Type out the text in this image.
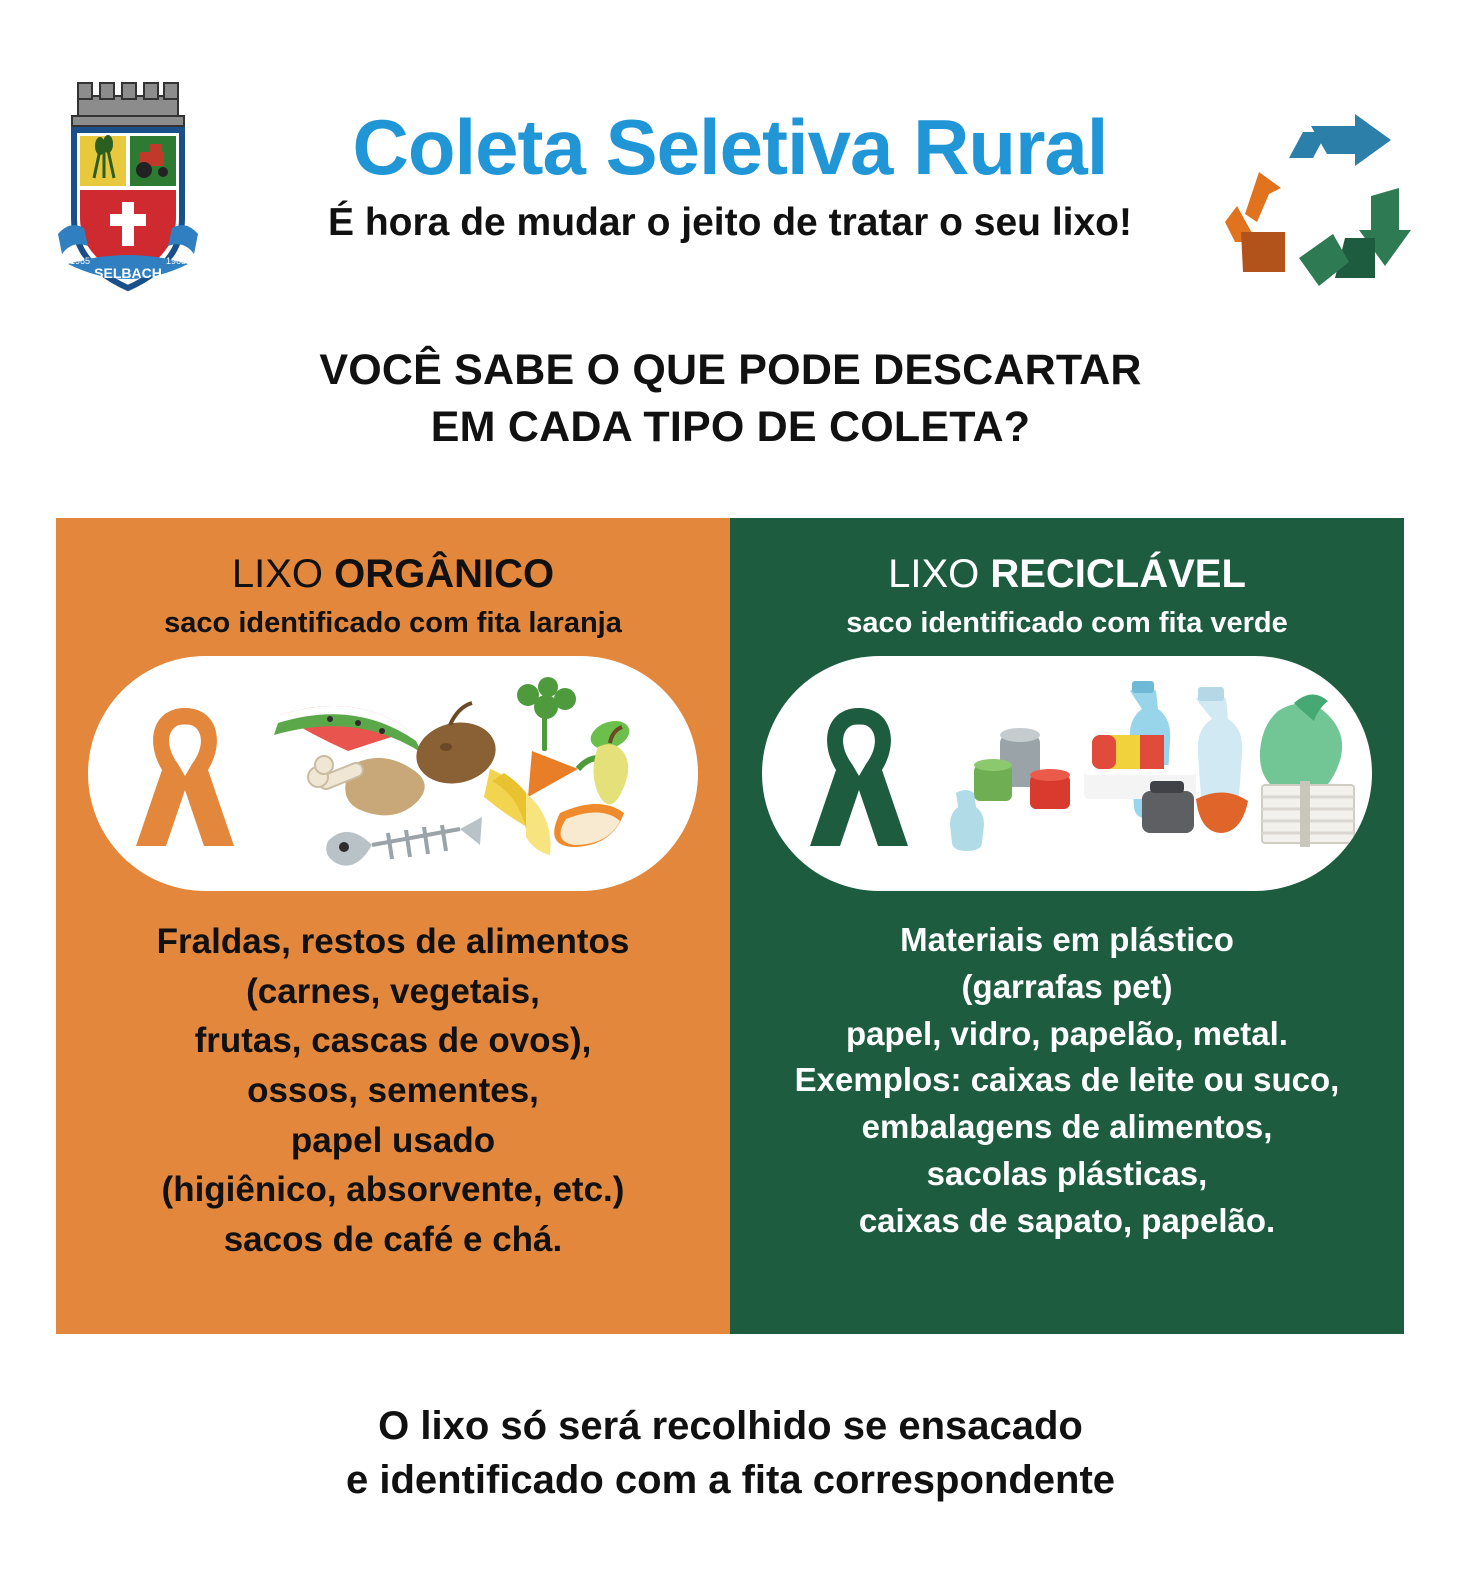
SELBACH
1965	1965
Coleta Seletiva Rural

É hora de mudar o jeito de tratar o seu lixo!

VOCÊ SABE O QUE PODE DESCARTAR
EM CADA TIPO DE COLETA?
LIXO ORGÂNICO
saco identificado com fita laranja
Fraldas, restos de alimentos
(carnes, vegetais,
frutas, cascas de ovos),
ossos, sementes,
papel usado
(higiênico, absorvente, etc.)
sacos de café e chá.
LIXO RECICLÁVEL
saco identificado com fita verde
Materiais em plástico
(garrafas pet)
papel, vidro, papelão, metal.
Exemplos: caixas de leite ou suco,
embalagens de alimentos,
sacolas plásticas,
caixas de sapato, papelão.
O lixo só será recolhido se ensacado
e identificado com a fita correspondente
